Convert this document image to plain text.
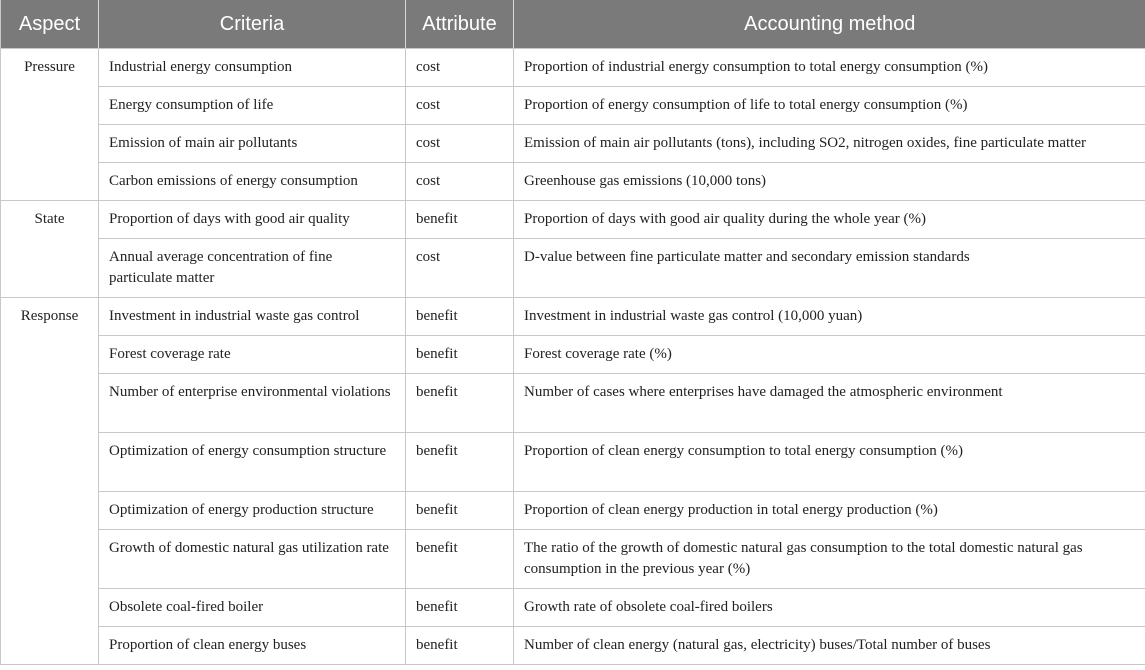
Aspect	Criteria	Attribute	Accounting method
Pressure	Industrial energy consumption	cost	Proportion of industrial energy consumption to total energy consumption (%)
	Energy consumption of life	cost	Proportion of energy consumption of life to total energy consumption (%)
	Emission of main air pollutants	cost	Emission of main air pollutants (tons), including SO2, nitrogen oxides, fine particulate matter
	Carbon emissions of energy consumption	cost	Greenhouse gas emissions (10,000 tons)
State	Proportion of days with good air quality	benefit	Proportion of days with good air quality during the whole year (%)
	Annual average concentration of fine particulate matter	cost	D-value between fine particulate matter and secondary emission standards
Response	Investment in industrial waste gas control	benefit	Investment in industrial waste gas control (10,000 yuan)
	Forest coverage rate	benefit	Forest coverage rate (%)
	Number of enterprise environmental violations	benefit	Number of cases where enterprises have damaged the atmospheric environment
	Optimization of energy consumption structure	benefit	Proportion of clean energy consumption to total energy consumption (%)
	Optimization of energy production structure	benefit	Proportion of clean energy production in total energy production (%)
	Growth of domestic natural gas utilization rate	benefit	The ratio of the growth of domestic natural gas consumption to the total domestic natural gas consumption in the previous year (%)
	Obsolete coal-fired boiler	benefit	Growth rate of obsolete coal-fired boilers
	Proportion of clean energy buses	benefit	Number of clean energy (natural gas, electricity) buses/Total number of buses
